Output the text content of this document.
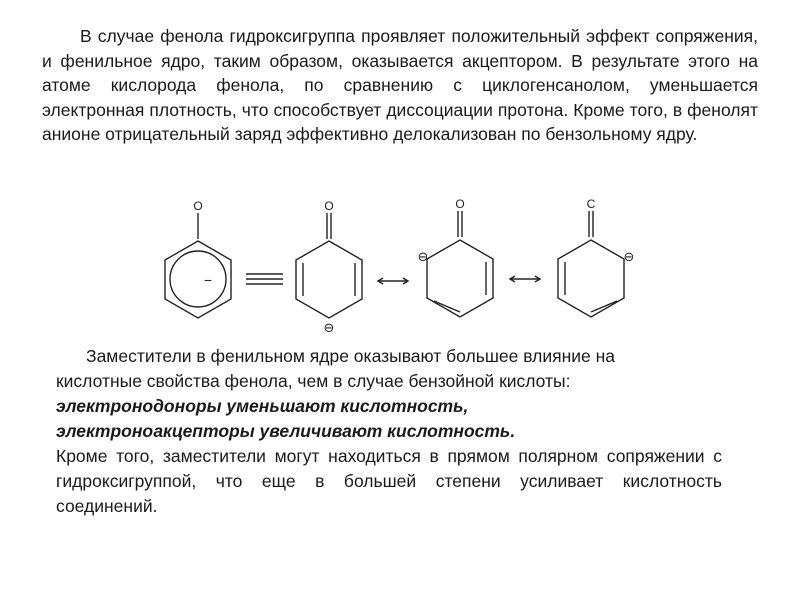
В случае фенола гидроксигруппа проявляет положительный эффект сопряжения, и фенильное ядро, таким образом, оказывается акцептором. В результате этого на атоме кислорода фенола, по сравнению с циклогенсанолом, уменьшается электронная плотность, что способствует диссоциации протона. Кроме того, в фенолят анионе отрицательный заряд эффективно делокализован по бензольному ядру.

O
−
O
⊖
O
⊖
C
⊖
Заместители в фенильном ядре оказывают большее влияние на
кислотные свойства фенола, чем в случае бензойной кислоты:
электронодоноры уменьшают кислотность,
электроноакцепторы увеличивают кислотность.
Кроме того, заместители могут находиться в прямом полярном сопряжении с гидроксигруппой, что еще в большей степени усиливает кислотность соединений.
